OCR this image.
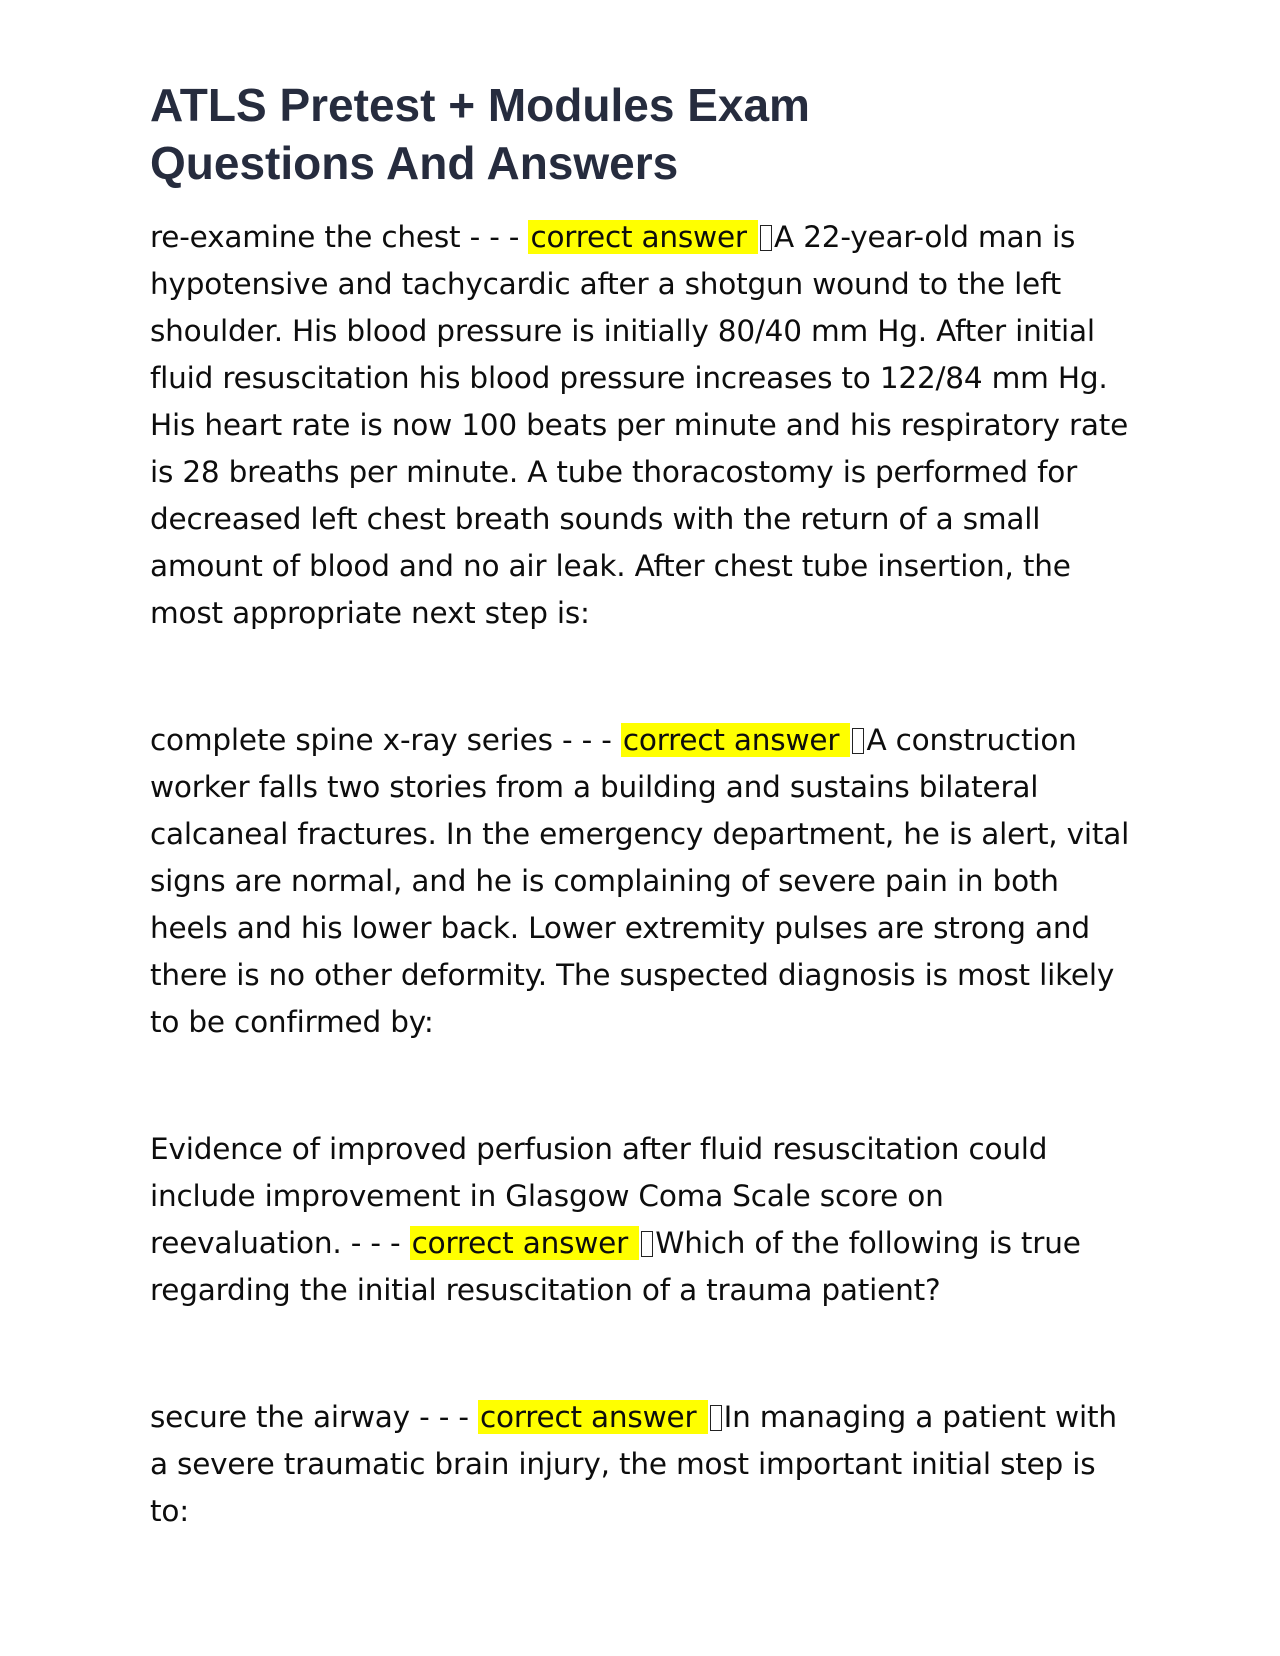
ATLS Pretest + Modules Exam Questions And Answers

re-examine the chest - - - correct answer A 22-year-old man is hypotensive and tachycardic after a shotgun wound to the left shoulder. His blood pressure is initially 80/40 mm Hg. After initial fluid resuscitation his blood pressure increases to 122/84 mm Hg. His heart rate is now 100 beats per minute and his respiratory rate is 28 breaths per minute. A tube thoracostomy is performed for decreased left chest breath sounds with the return of a small amount of blood and no air leak. After chest tube insertion, the most appropriate next step is:

complete spine x-ray series - - - correct answer A construction worker falls two stories from a building and sustains bilateral calcaneal fractures. In the emergency department, he is alert, vital signs are normal, and he is complaining of severe pain in both heels and his lower back. Lower extremity pulses are strong and there is no other deformity. The suspected diagnosis is most likely to be confirmed by:

Evidence of improved perfusion after fluid resuscitation could include improvement in Glasgow Coma Scale score on reevaluation. - - - correct answer Which of the following is true regarding the initial resuscitation of a trauma patient?

secure the airway - - - correct answer In managing a patient with a severe traumatic brain injury, the most important initial step is to:
